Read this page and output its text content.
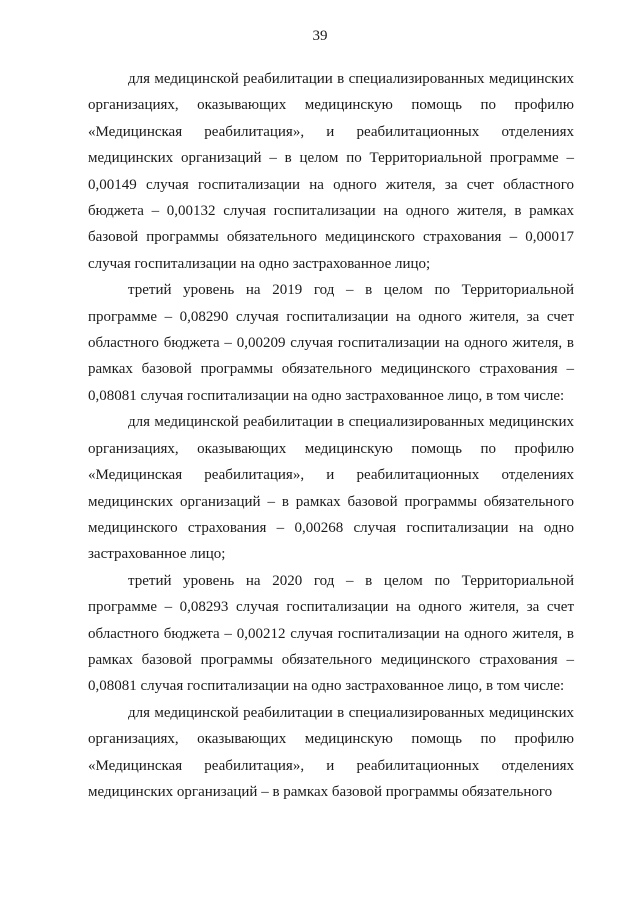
39

для медицинской реабилитации в специализированных медицинских организациях, оказывающих медицинскую помощь по профилю «Медицинская реабилитация», и реабилитационных отделениях медицинских организаций – в целом по Территориальной программе – 0,00149 случая госпитализации на одного жителя, за счет областного бюджета – 0,00132 случая госпитализации на одного жителя, в рамках базовой программы обязательного медицинского страхования – 0,00017 случая госпитализации на одно застрахованное лицо;

третий уровень на 2019 год – в целом по Территориальной программе – 0,08290 случая госпитализации на одного жителя, за счет областного бюджета – 0,00209 случая госпитализации на одного жителя, в рамках базовой программы обязательного медицинского страхования – 0,08081 случая госпитализации на одно застрахованное лицо, в том числе:

для медицинской реабилитации в специализированных медицинских организациях, оказывающих медицинскую помощь по профилю «Медицинская реабилитация», и реабилитационных отделениях медицинских организаций – в рамках базовой программы обязательного медицинского страхования – 0,00268 случая госпитализации на одно застрахованное лицо;

третий уровень на 2020 год – в целом по Территориальной программе – 0,08293 случая госпитализации на одного жителя, за счет областного бюджета – 0,00212 случая госпитализации на одного жителя, в рамках базовой программы обязательного медицинского страхования – 0,08081 случая госпитализации на одно застрахованное лицо, в том числе:

для медицинской реабилитации в специализированных медицинских организациях, оказывающих медицинскую помощь по профилю «Медицинская реабилитация», и реабилитационных отделениях медицинских организаций – в рамках базовой программы обязательного
